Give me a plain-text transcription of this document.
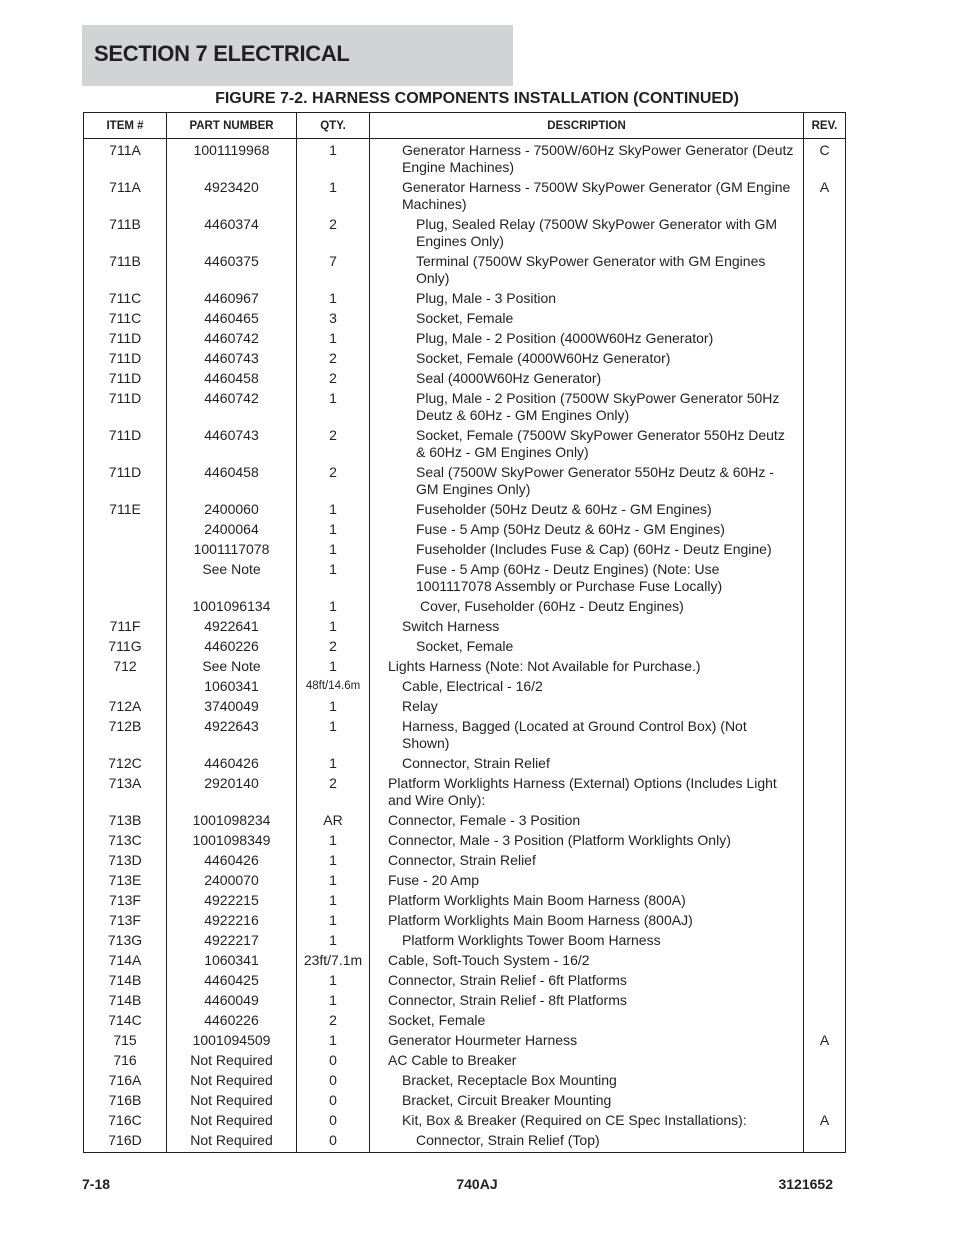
SECTION 7 ELECTRICAL
FIGURE 7-2. HARNESS COMPONENTS INSTALLATION (CONTINUED)
ITEM #	PART NUMBER	QTY.	DESCRIPTION	REV.
711A	1001119968	1	Generator Harness - 7500W/60Hz SkyPower Generator (Deutz Engine Machines)	C
711A	4923420	1	Generator Harness - 7500W SkyPower Generator (GM Engine Machines)	A
711B	4460374	2	Plug, Sealed Relay (7500W SkyPower Generator with GM Engines Only)	
711B	4460375	7	Terminal (7500W SkyPower Generator with GM Engines Only)	
711C	4460967	1	Plug, Male - 3 Position	
711C	4460465	3	Socket, Female	
711D	4460742	1	Plug, Male - 2 Position (4000W60Hz Generator)	
711D	4460743	2	Socket, Female (4000W60Hz Generator)	
711D	4460458	2	Seal (4000W60Hz Generator)	
711D	4460742	1	Plug, Male - 2 Position (7500W SkyPower Generator 50Hz Deutz & 60Hz - GM Engines Only)	
711D	4460743	2	Socket, Female (7500W SkyPower Generator 550Hz Deutz & 60Hz - GM Engines Only)	
711D	4460458	2	Seal (7500W SkyPower Generator 550Hz Deutz & 60Hz - GM Engines Only)	
711E	2400060	1	Fuseholder (50Hz Deutz & 60Hz - GM Engines)	
	2400064	1	Fuse - 5 Amp (50Hz Deutz & 60Hz - GM Engines)	
	1001117078	1	Fuseholder (Includes Fuse & Cap) (60Hz - Deutz Engine)	
	See Note	1	Fuse - 5 Amp (60Hz - Deutz Engines) (Note: Use 1001117078 Assembly or Purchase Fuse Locally)	
	1001096134	1	Cover, Fuseholder (60Hz - Deutz Engines)	
711F	4922641	1	Switch Harness	
711G	4460226	2	Socket, Female	
712	See Note	1	Lights Harness (Note: Not Available for Purchase.)	
	1060341	48ft/14.6m	Cable, Electrical - 16/2	
712A	3740049	1	Relay	
712B	4922643	1	Harness, Bagged (Located at Ground Control Box) (Not Shown)	
712C	4460426	1	Connector, Strain Relief	
713A	2920140	2	Platform Worklights Harness (External) Options (Includes Light and Wire Only):	
713B	1001098234	AR	Connector, Female - 3 Position	
713C	1001098349	1	Connector, Male - 3 Position (Platform Worklights Only)	
713D	4460426	1	Connector, Strain Relief	
713E	2400070	1	Fuse - 20 Amp	
713F	4922215	1	Platform Worklights Main Boom Harness (800A)	
713F	4922216	1	Platform Worklights Main Boom Harness (800AJ)	
713G	4922217	1	Platform Worklights Tower Boom Harness	
714A	1060341	23ft/7.1m	Cable, Soft-Touch System - 16/2	
714B	4460425	1	Connector, Strain Relief - 6ft Platforms	
714B	4460049	1	Connector, Strain Relief - 8ft Platforms	
714C	4460226	2	Socket, Female	
715	1001094509	1	Generator Hourmeter Harness	A
716	Not Required	0	AC Cable to Breaker	
716A	Not Required	0	Bracket, Receptacle Box Mounting	
716B	Not Required	0	Bracket, Circuit Breaker Mounting	
716C	Not Required	0	Kit, Box & Breaker (Required on CE Spec Installations):	A
716D	Not Required	0	Connector, Strain Relief (Top)	
7-18	740AJ	3121652
